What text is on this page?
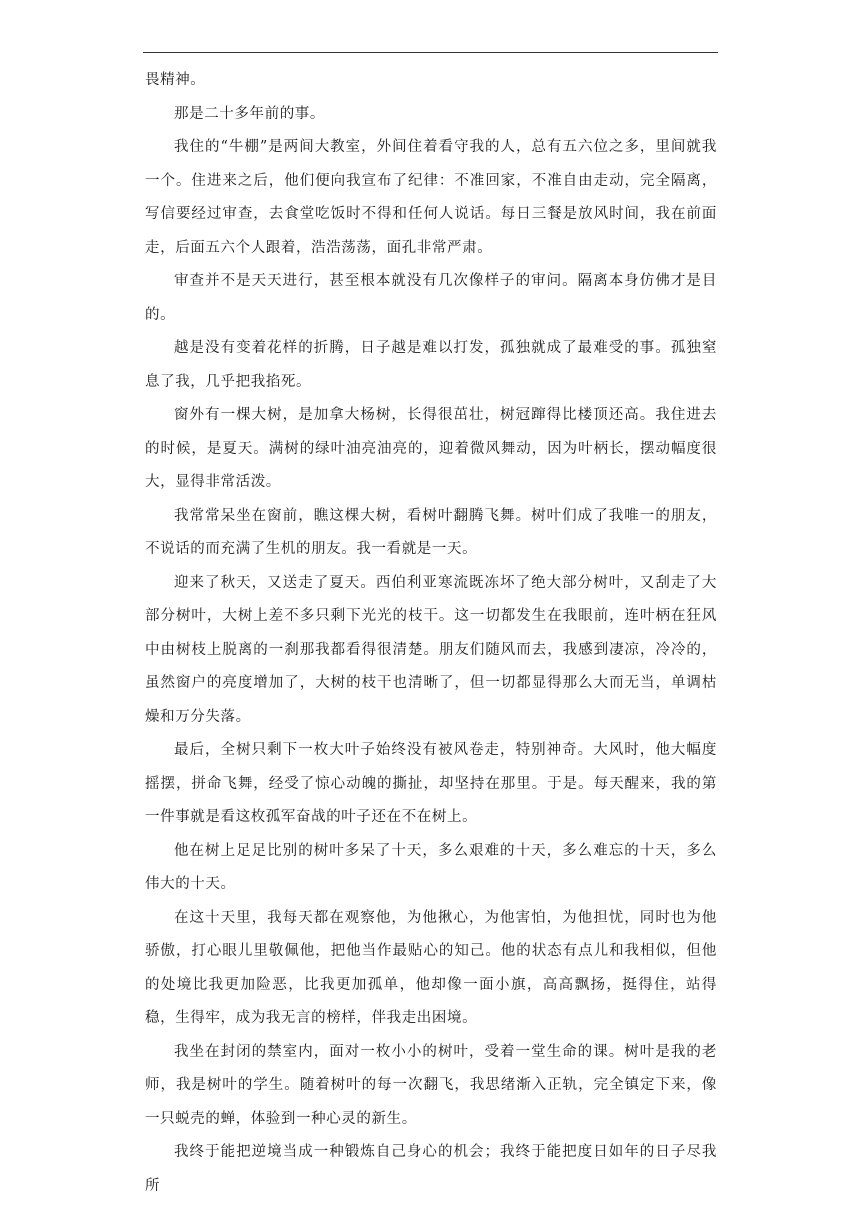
畏精神。

那是二十多年前的事。

我住的“牛棚”是两间大教室，外间住着看守我的人，总有五六位之多，里间就我一个。住进来之后，他们便向我宣布了纪律：不准回家，不准自由走动，完全隔离，写信要经过审查，去食堂吃饭时不得和任何人说话。每日三餐是放风时间，我在前面走，后面五六个人跟着，浩浩荡荡，面孔非常严肃。

审查并不是天天进行，甚至根本就没有几次像样子的审问。隔离本身仿佛才是目的。

越是没有变着花样的折腾，日子越是难以打发，孤独就成了最难受的事。孤独窒息了我，几乎把我掐死。

窗外有一棵大树，是加拿大杨树，长得很茁壮，树冠蹿得比楼顶还高。我住进去的时候，是夏天。满树的绿叶油亮油亮的，迎着微风舞动，因为叶柄长，摆动幅度很大，显得非常活泼。

我常常呆坐在窗前，瞧这棵大树，看树叶翻腾飞舞。树叶们成了我唯一的朋友，不说话的而充满了生机的朋友。我一看就是一天。

迎来了秋天，又送走了夏天。西伯利亚寒流既冻坏了绝大部分树叶，又刮走了大部分树叶，大树上差不多只剩下光光的枝干。这一切都发生在我眼前，连叶柄在狂风中由树枝上脱离的一刹那我都看得很清楚。朋友们随风而去，我感到凄凉，冷冷的，虽然窗户的亮度增加了，大树的枝干也清晰了，但一切都显得那么大而无当，单调枯燥和万分失落。

最后，全树只剩下一枚大叶子始终没有被风卷走，特别神奇。大风时，他大幅度摇摆，拼命飞舞，经受了惊心动魄的撕扯，却坚持在那里。于是。每天醒来，我的第一件事就是看这枚孤军奋战的叶子还在不在树上。

他在树上足足比别的树叶多呆了十天，多么艰难的十天，多么难忘的十天，多么伟大的十天。

在这十天里，我每天都在观察他，为他揪心，为他害怕，为他担忧，同时也为他骄傲，打心眼儿里敬佩他，把他当作最贴心的知己。他的状态有点儿和我相似，但他的处境比我更加险恶，比我更加孤单，他却像一面小旗，高高飘扬，挺得住，站得稳，生得牢，成为我无言的榜样，伴我走出困境。

我坐在封闭的禁室内，面对一枚小小的树叶，受着一堂生命的课。树叶是我的老师，我是树叶的学生。随着树叶的每一次翻飞，我思绪渐入正轨，完全镇定下来，像一只蜕壳的蝉，体验到一种心灵的新生。

我终于能把逆境当成一种锻炼自己身心的机会；我终于能把度日如年的日子尽我所
